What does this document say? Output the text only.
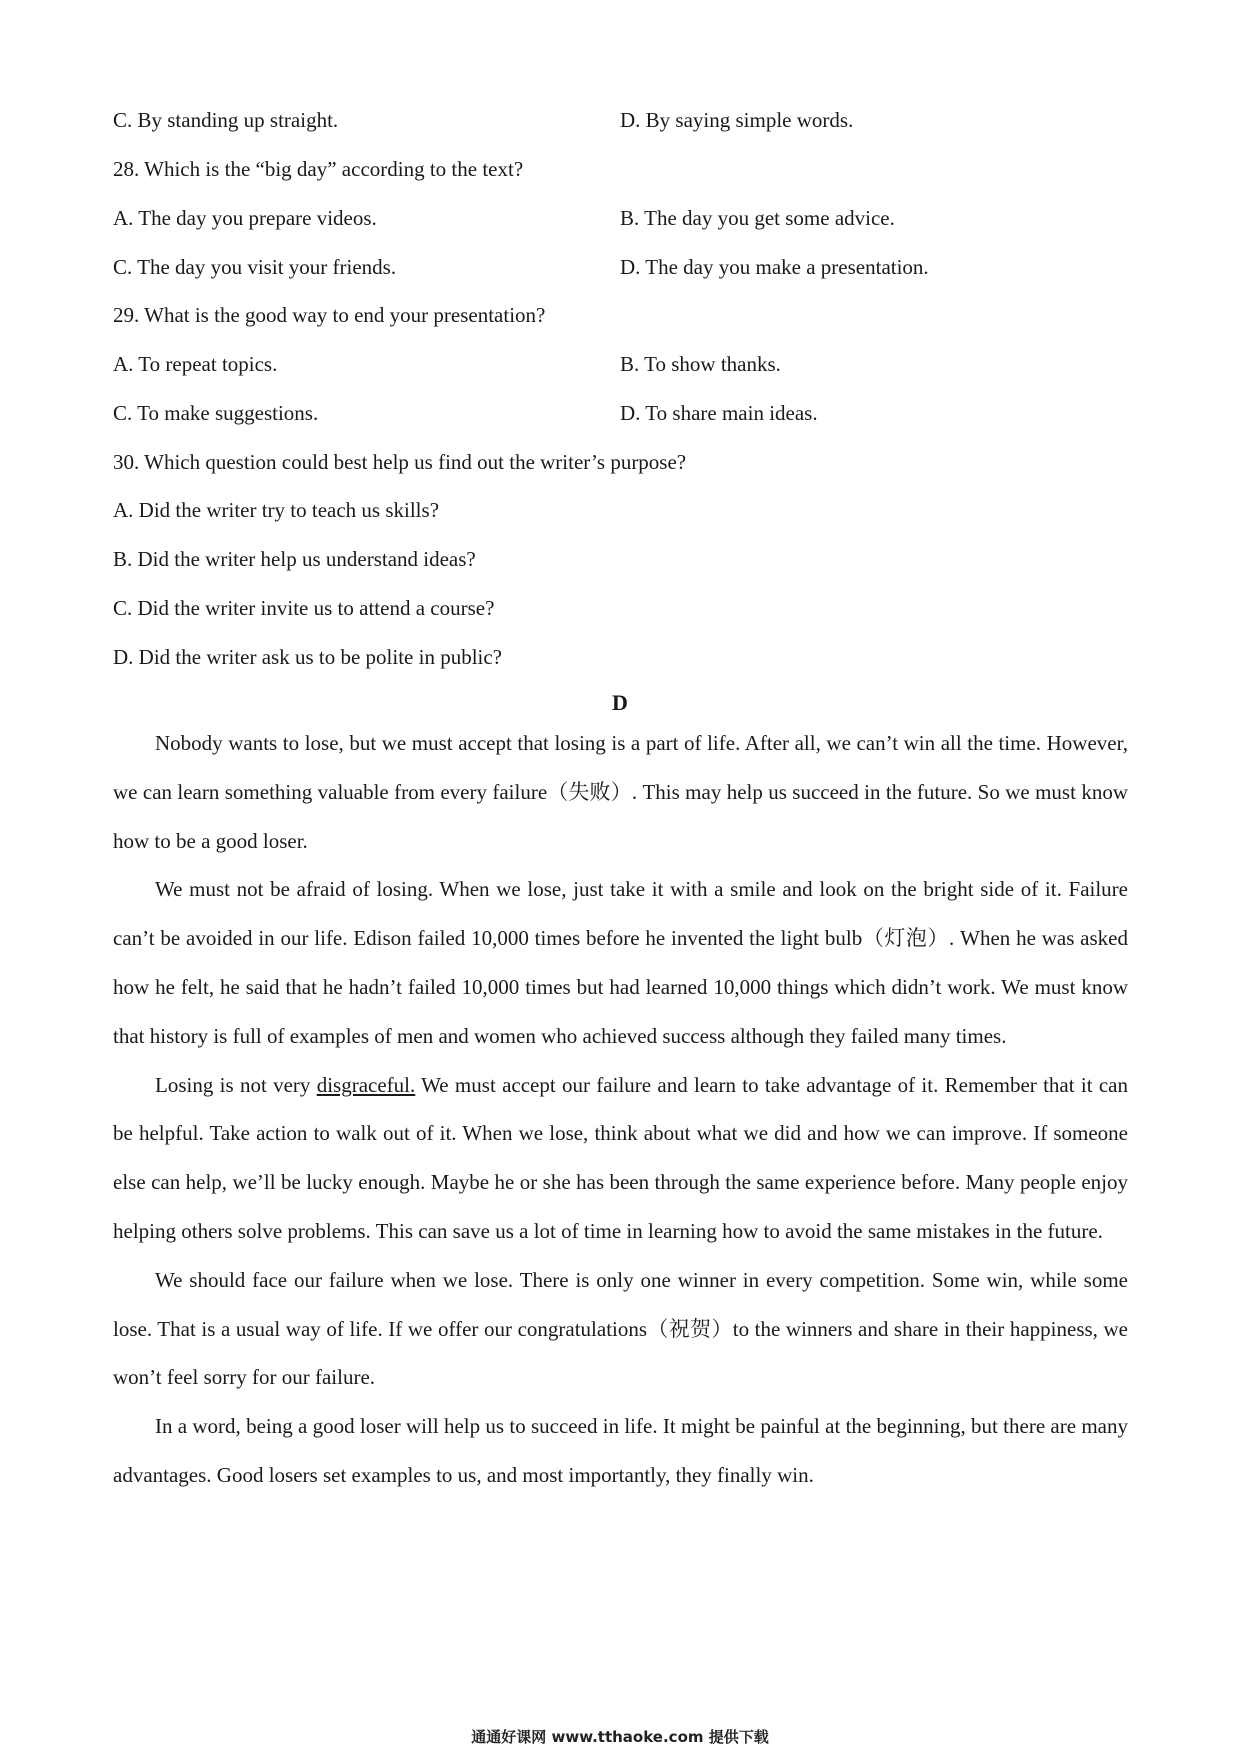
C. By standing up straight.	D. By saying simple words.
28. Which is the “big day” according to the text?
A. The day you prepare videos.	B. The day you get some advice.
C. The day you visit your friends.	D. The day you make a presentation.
29. What is the good way to end your presentation?
A. To repeat topics.	B. To show thanks.
C. To make suggestions.	D. To share main ideas.
30. Which question could best help us find out the writer’s purpose?
A. Did the writer try to teach us skills?
B. Did the writer help us understand ideas?
C. Did the writer invite us to attend a course?
D. Did the writer ask us to be polite in public?
D

Nobody wants to lose, but we must accept that losing is a part of life. After all, we can’t win all the time. However, we can learn something valuable from every failure（失败）. This may help us succeed in the future. So we must know how to be a good loser.

We must not be afraid of losing. When we lose, just take it with a smile and look on the bright side of it. Failure can’t be avoided in our life. Edison failed 10,000 times before he invented the light bulb（灯泡）. When he was asked how he felt, he said that he hadn’t failed 10,000 times but had learned 10,000 things which didn’t work. We must know that history is full of examples of men and women who achieved success although they failed many times.

Losing is not very disgraceful. We must accept our failure and learn to take advantage of it. Remember that it can be helpful. Take action to walk out of it. When we lose, think about what we did and how we can improve. If someone else can help, we’ll be lucky enough. Maybe he or she has been through the same experience before. Many people enjoy helping others solve problems. This can save us a lot of time in learning how to avoid the same mistakes in the future.

We should face our failure when we lose. There is only one winner in every competition. Some win, while some lose. That is a usual way of life. If we offer our congratulations（祝贺）to the winners and share in their happiness, we won’t feel sorry for our failure.

In a word, being a good loser will help us to succeed in life. It might be painful at the beginning, but there are many advantages. Good losers set examples to us, and most importantly, they finally win.

通通好课网 www.tthaoke.com 提供下载
